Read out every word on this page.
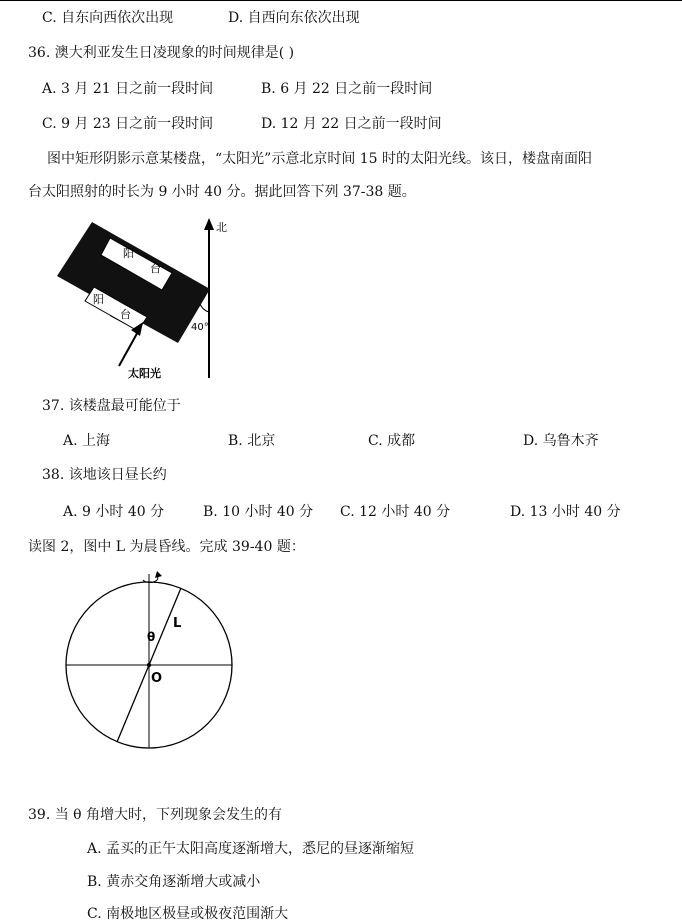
C. 自东向西依次出现	D. 自西向东依次出现
36. 澳大利亚发生日凌现象的时间规律是( )
A. 3 月 21 日之前一段时间	B. 6 月 22 日之前一段时间
C. 9 月 23 日之前一段时间	D. 12 月 22 日之前一段时间
图中矩形阴影示意某楼盘，“太阳光”示意北京时间 15 时的太阳光线。该日，楼盘南面阳
台太阳照射的时长为 9 小时 40 分。据此回答下列 37-38 题。
北
阳
台
阳
台
40°
太阳光
37. 该楼盘最可能位于
A. 上海	B. 北京	C. 成都	D. 乌鲁木齐
38. 该地该日昼长约
A. 9 小时 40 分	B. 10 小时 40 分 C. 12 小时 40 分	D. 13 小时 40 分
读图 2，图中 L 为晨昏线。完成 39-40 题：
L
θ
O
39. 当 θ 角增大时，下列现象会发生的有
A. 孟买的正午太阳高度逐渐增大，悉尼的昼逐渐缩短
B. 黄赤交角逐渐增大或减小
C. 南极地区极昼或极夜范围渐大
